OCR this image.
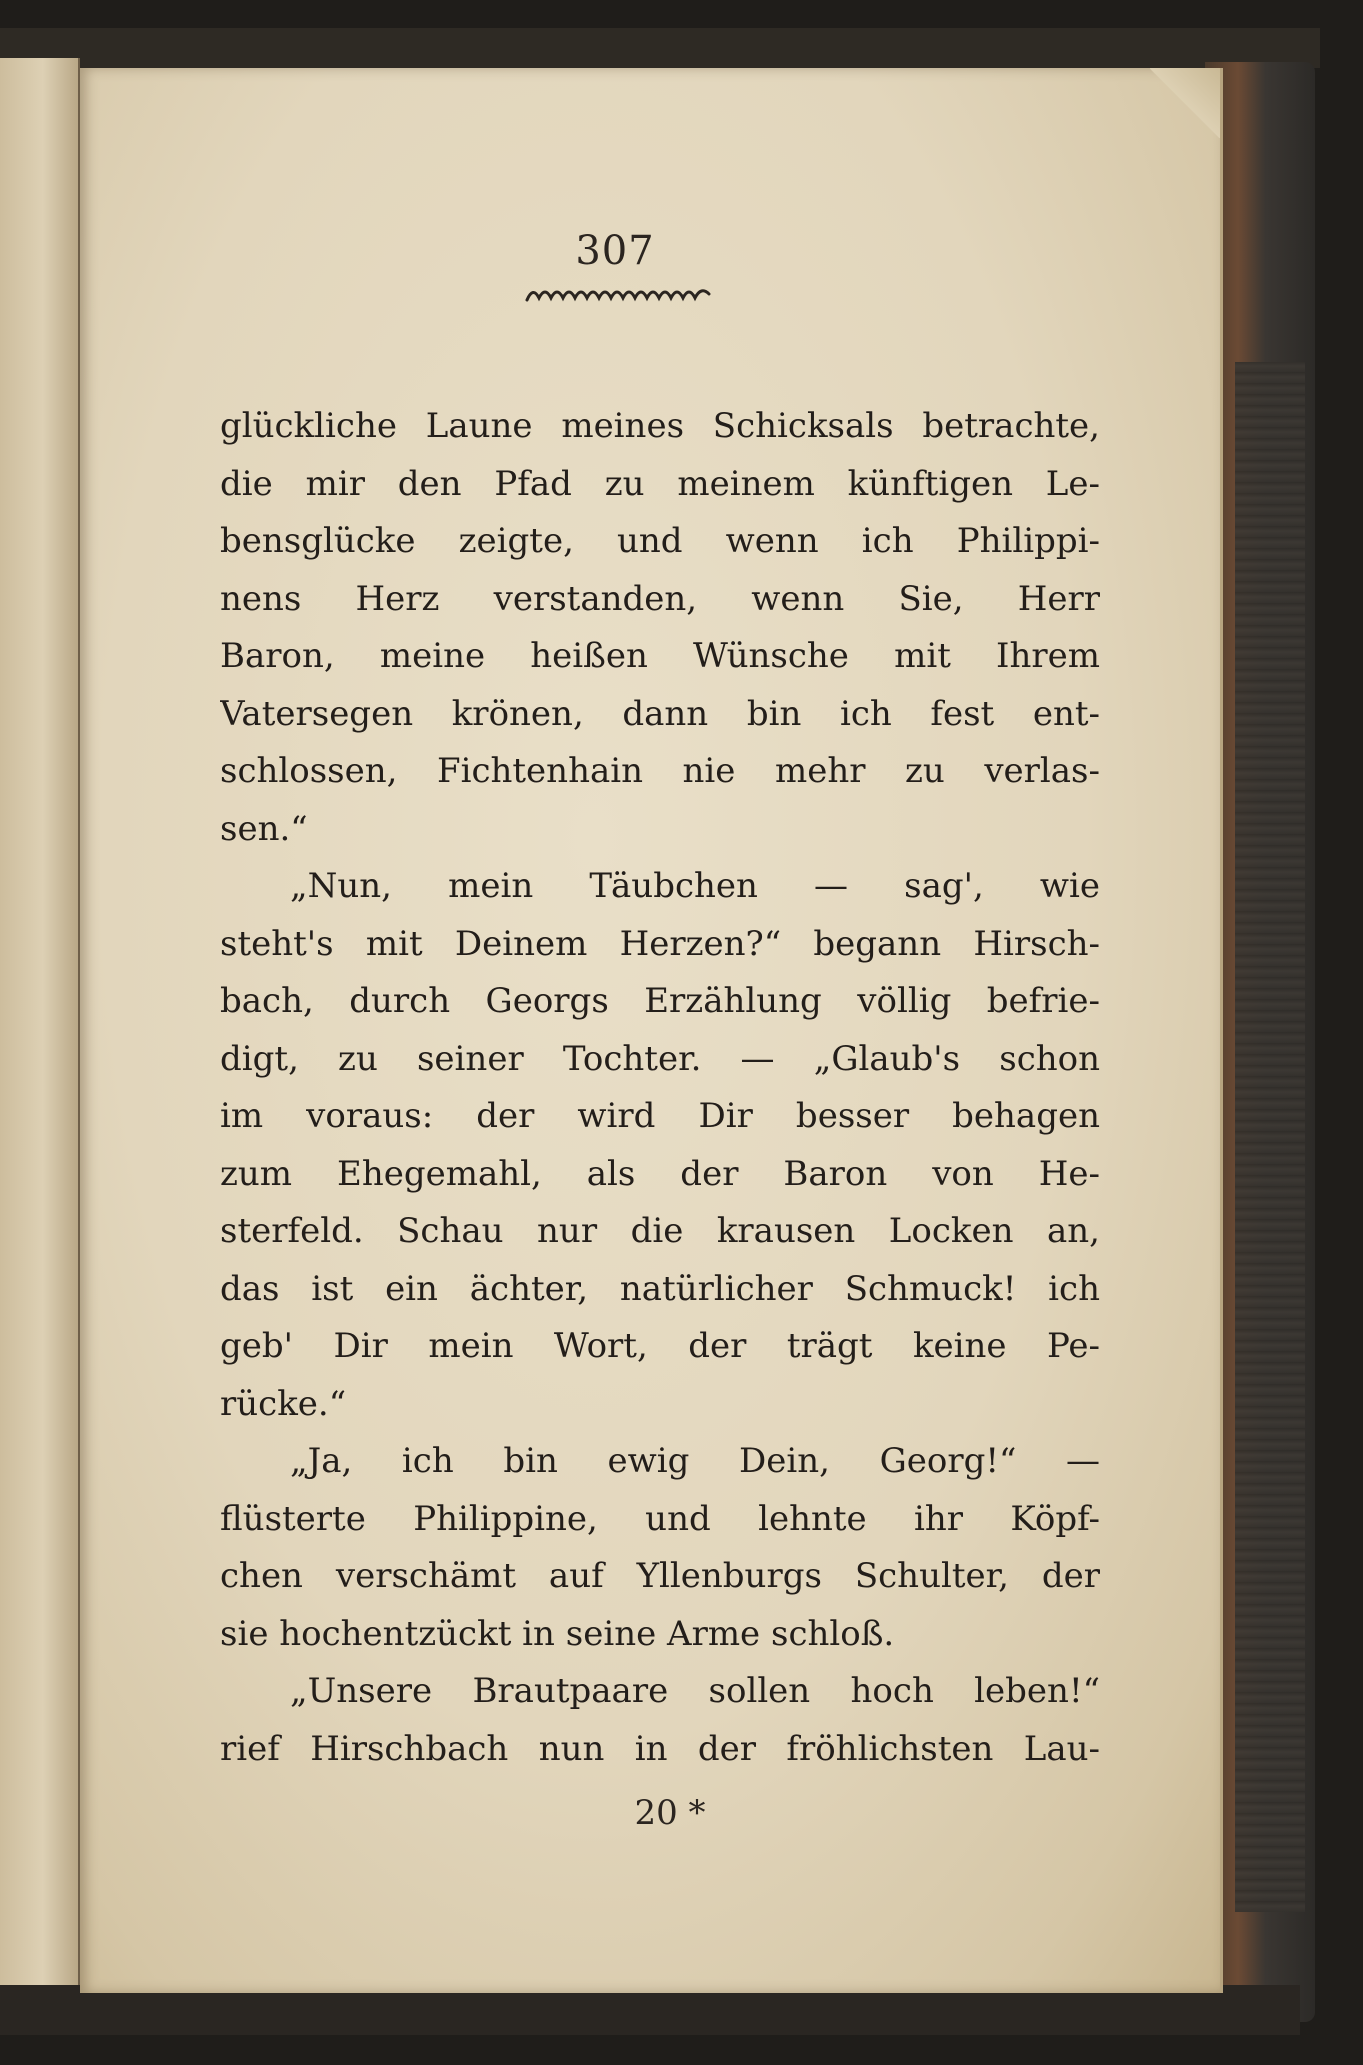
307
glückliche Laune meines Schicksals betrachte,
die mir den Pfad zu meinem künftigen Le-
bensglücke zeigte, und wenn ich Philippi-
nens Herz verstanden, wenn Sie, Herr
Baron, meine heißen Wünsche mit Ihrem
Vatersegen krönen, dann bin ich fest ent-
schlossen, Fichtenhain nie mehr zu verlas-
sen.“
„Nun, mein Täubchen — sag', wie
steht's mit Deinem Herzen?“ begann Hirsch-
bach, durch Georgs Erzählung völlig befrie-
digt, zu seiner Tochter. — „Glaub's schon
im voraus: der wird Dir besser behagen
zum Ehegemahl, als der Baron von He-
sterfeld. Schau nur die krausen Locken an,
das ist ein ächter, natürlicher Schmuck! ich
geb' Dir mein Wort, der trägt keine Pe-
rücke.“
„Ja, ich bin ewig Dein, Georg!“ —
flüsterte Philippine, und lehnte ihr Köpf-
chen verschämt auf Yllenburgs Schulter, der
sie hochentzückt in seine Arme schloß.
„Unsere Brautpaare sollen hoch leben!“
rief Hirschbach nun in der fröhlichsten Lau-
20 *
